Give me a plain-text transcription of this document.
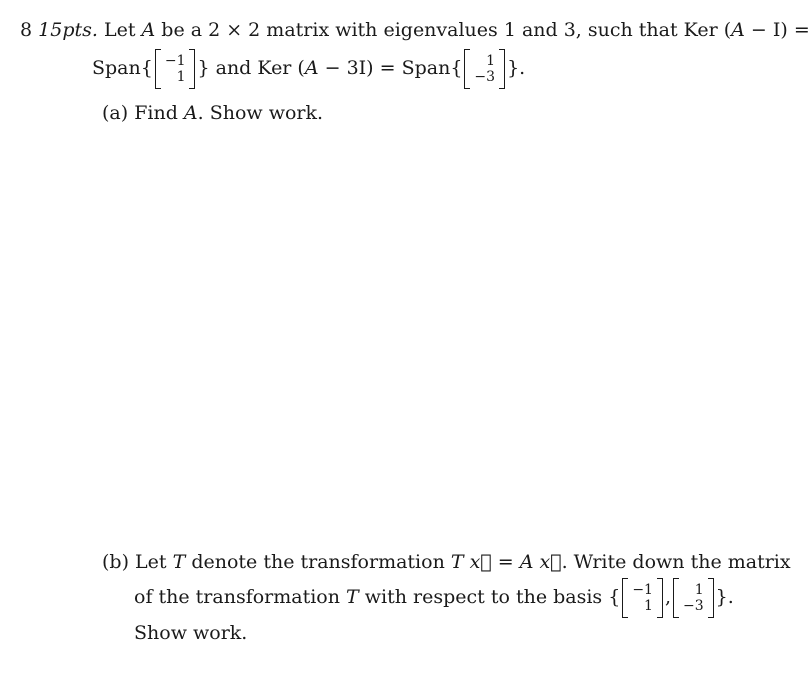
8 15pts. Let A be a 2 × 2 matrix with eigenvalues 1 and 3, such that Ker (A − I) =
Span{ −1
1 } and Ker (A − 3I) = Span{ 1
−3 }.
(a) Find A. Show work.
(b) Let T denote the transformation T x⃗ = A x⃗. Write down the matrix
of the transformation T with respect to the basis { −1
1 , 1
−3 }.
Show work.
